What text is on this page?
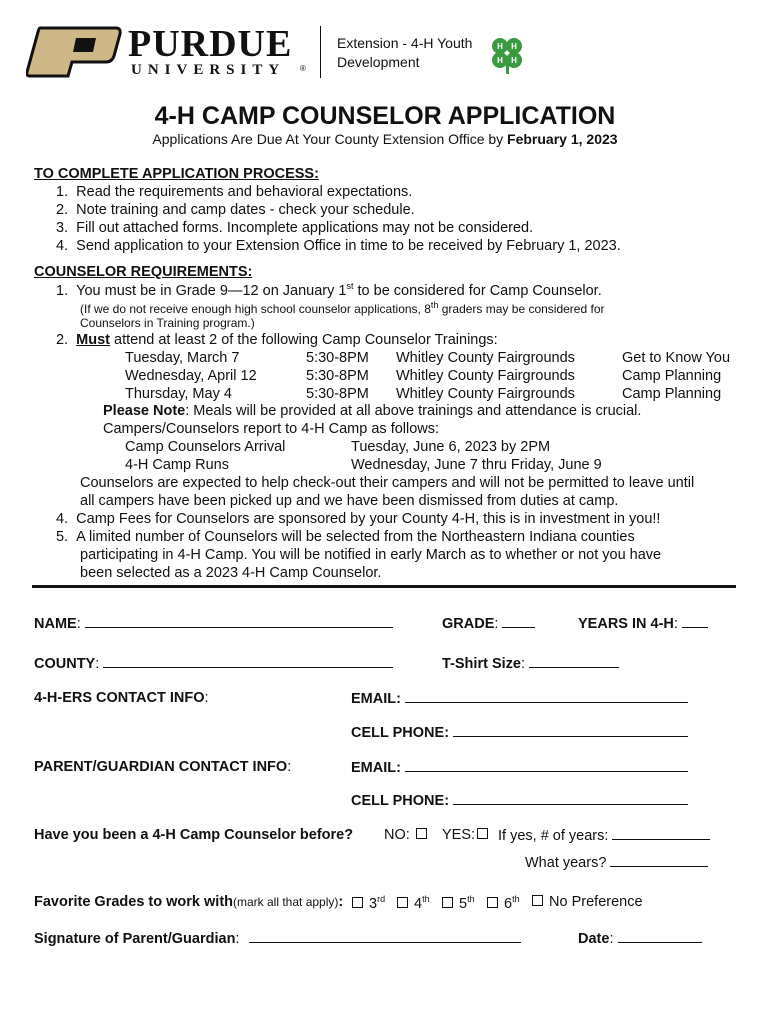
PURDUE
UNIVERSITY ®
Extension - 4-H Youth
Development
H H
H H
4-H CAMP COUNSELOR APPLICATION
Applications Are Due At Your County Extension Office by February 1, 2023
TO COMPLETE APPLICATION PROCESS:
1.  Read the requirements and behavioral expectations.
2.  Note training and camp dates - check your schedule.
3.  Fill out attached forms. Incomplete applications may not be considered.
4.  Send application to your Extension Office in time to be received by February 1, 2023.
COUNSELOR REQUIREMENTS:
1.  You must be in Grade 9—12 on January 1st to be considered for Camp Counselor.
(If we do not receive enough high school counselor applications, 8th graders may be considered for
Counselors in Training program.)
2.  Must attend at least 2 of the following Camp Counselor Trainings:
Tuesday, March 7	5:30-8PM Whitley County Fairgrounds	Get to Know You
Wednesday, April 12	5:30-8PM Whitley County Fairgrounds	Camp Planning
Thursday, May 4	5:30-8PM Whitley County Fairgrounds	Camp Planning
Please Note: Meals will be provided at all above trainings and attendance is crucial.
Campers/Counselors report to 4-H Camp as follows:
Camp Counselors Arrival	Tuesday, June 6, 2023 by 2PM
4-H Camp Runs	Wednesday, June 7 thru Friday, June 9
Counselors are expected to help check-out their campers and will not be permitted to leave until
all campers have been picked up and we have been dismissed from duties at camp.
4.  Camp Fees for Counselors are sponsored by your County 4-H, this is in investment in you!!
5.  A limited number of Counselors will be selected from the Northeastern Indiana counties
participating in 4-H Camp. You will be notified in early March as to whether or not you have
been selected as a 2023 4-H Camp Counselor.
NAME:	GRADE:	YEARS IN 4-H:
COUNTY:	T-Shirt Size:
4-H-ERS CONTACT INFO:	EMAIL:
CELL PHONE:
PARENT/GUARDIAN CONTACT INFO:	EMAIL:
CELL PHONE:
Have you been a 4-H Camp Counselor before? NO:	YES:	If yes, # of years:
What years?
Favorite Grades to work with(mark all that apply):	3rd	4th	5th	6th	No Preference
Signature of Parent/Guardian:	Date:
